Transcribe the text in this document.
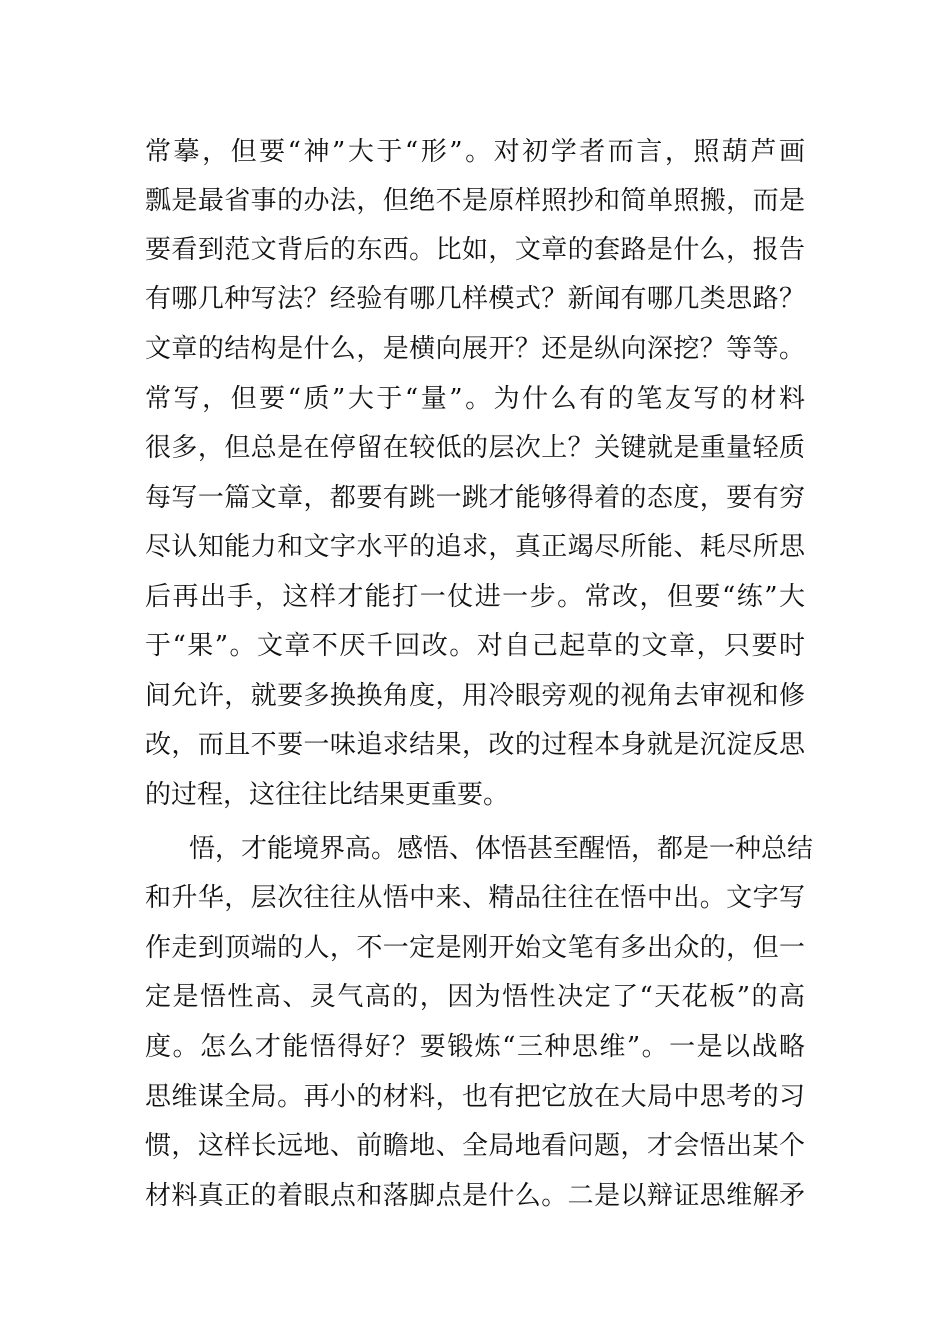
常摹，但要“神”大于“形”。对初学者而言，照葫芦画
瓢是最省事的办法，但绝不是原样照抄和简单照搬，而是
要看到范文背后的东西。比如，文章的套路是什么，报告
有哪几种写法？经验有哪几样模式？新闻有哪几类思路？
文章的结构是什么，是横向展开？还是纵向深挖？等等。
常写，但要“质”大于“量”。为什么有的笔友写的材料
很多，但总是在停留在较低的层次上？关键就是重量轻质
每写一篇文章，都要有跳一跳才能够得着的态度，要有穷
尽认知能力和文字水平的追求，真正竭尽所能、耗尽所思
后再出手，这样才能打一仗进一步。常改，但要“练”大
于“果”。文章不厌千回改。对自己起草的文章，只要时
间允许，就要多换换角度，用冷眼旁观的视角去审视和修
改，而且不要一味追求结果，改的过程本身就是沉淀反思
的过程，这往往比结果更重要。
悟，才能境界高。感悟、体悟甚至醒悟，都是一种总结
和升华，层次往往从悟中来、精品往往在悟中出。文字写
作走到顶端的人，不一定是刚开始文笔有多出众的，但一
定是悟性高、灵气高的，因为悟性决定了“天花板”的高
度。怎么才能悟得好？要锻炼“三种思维”。一是以战略
思维谋全局。再小的材料，也有把它放在大局中思考的习
惯，这样长远地、前瞻地、全局地看问题，才会悟出某个
材料真正的着眼点和落脚点是什么。二是以辩证思维解矛
